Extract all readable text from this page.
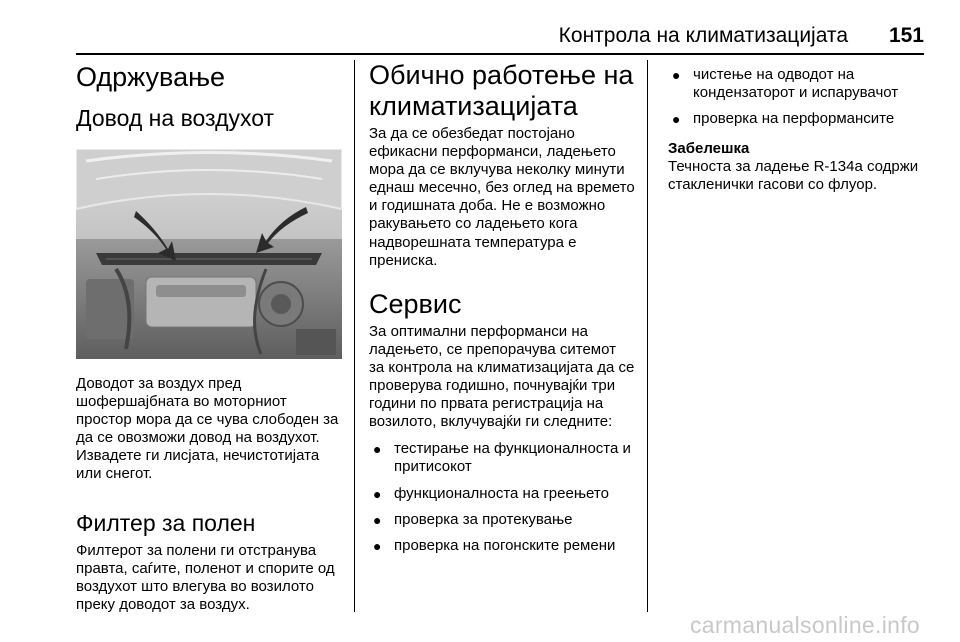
Контрола на климатизацијата 151
Одржување
Довод на воздухот

Доводот за воздух пред шофершајбната во моторниот простор мора да се чува слободен за да се овозможи довод на воздухот. Извадете ги лисјата, нечистотијата или снегот.

Филтер за полен

Филтерот за полени ги отстранува правта, саѓите, поленот и спорите од воздухот што влегува во возилото преку доводот за воздух.

Обично работење на климатизацијата

За да се обезбедат постојано ефикасни перформанси, ладењето мора да се вклучува неколку минути еднаш месечно, без оглед на времето и годишната доба. Не е возможно ракувањето со ладењето кога надворешната температура е прениска.

Сервис

За оптимални перформанси на ладењето, се препорачува ситемот за контрола на климатизацијата да се проверува годишно, почнувајќи три години по првата регистрација на возилото, вклучувајќи ги следните:

● тестирање на функционалноста и притисокот
● функционалноста на греењето
● проверка за протекување
● проверка на погонските ремени
● чистење на одводот на кондензаторот и испарувачот
● проверка на перформансите
Забелешка

Течноста за ладење R-134a содржи стакленички гасови со флуор.

carmanualsonline.info
